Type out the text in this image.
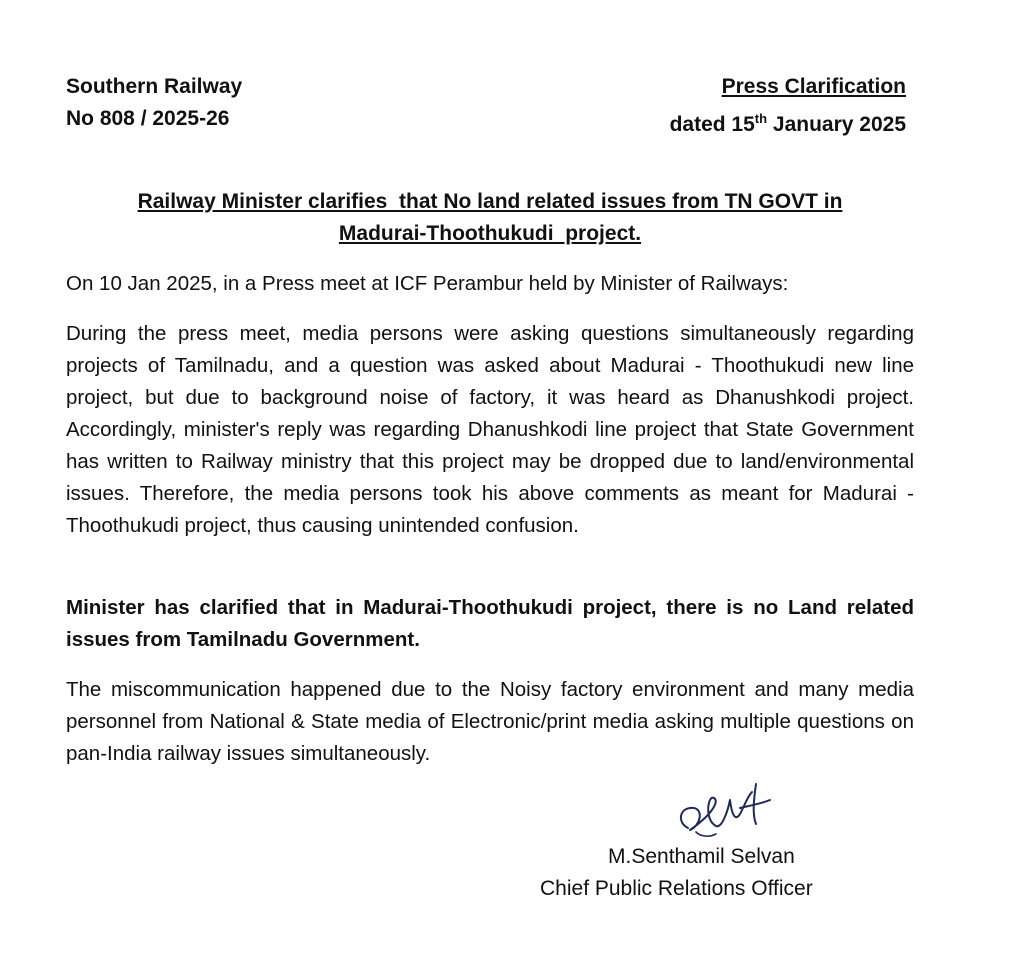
Southern Railway
No 808 / 2025-26
Press Clarification
dated 15th January 2025
Railway Minister clarifies  that No land related issues from TN GOVT in
Madurai-Thoothukudi  project.
On 10 Jan 2025, in a Press meet at ICF Perambur held by Minister of Railways:
During the press meet, media persons were asking questions simultaneously regarding projects of Tamilnadu, and a question was asked about Madurai - Thoothukudi new line project, but due to background noise of factory, it was heard as Dhanushkodi project. Accordingly, minister's reply was regarding Dhanushkodi line project that State Government has written to Railway ministry that this project may be dropped due to land/environmental issues. Therefore, the media persons took his above comments as meant for Madurai -Thoothukudi project, thus causing unintended confusion.
Minister has clarified that in Madurai-Thoothukudi project, there is no Land related issues from Tamilnadu Government.
The miscommunication happened due to the Noisy factory environment and many media personnel from National & State media of Electronic/print media asking multiple questions on pan-India railway issues simultaneously.
M.Senthamil Selvan
Chief Public Relations Officer
